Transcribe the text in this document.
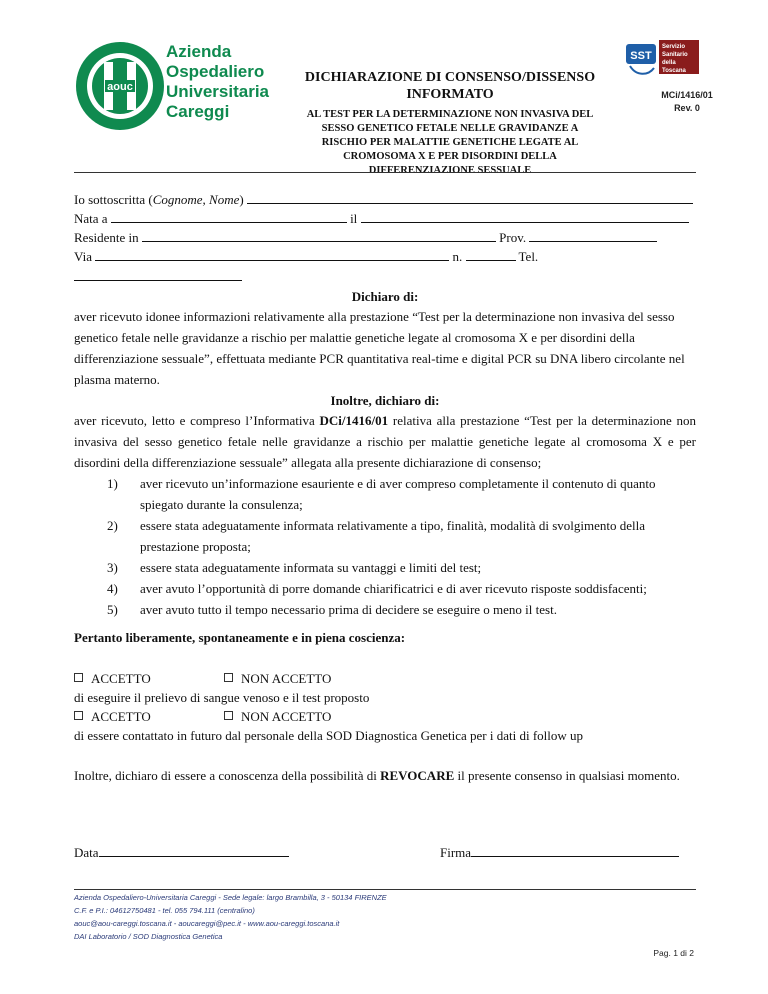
aouc
Azienda
Ospedaliero
Universitaria
Careggi
DICHIARAZIONE DI CONSENSO/DISSENSO
INFORMATO
AL TEST PER LA DETERMINAZIONE NON INVASIVA DEL
SESSO GENETICO FETALE NELLE GRAVIDANZE A
RISCHIO PER MALATTIE GENETICHE LEGATE AL
CROMOSOMA X E PER DISORDINI DELLA
DIFFERENZIAZIONE SESSUALE
SST
Servizio
Sanitario
della
Toscana
MCi/1416/01
Rev. 0
Io sottoscritta (Cognome, Nome)
Nata a	il
Residente in	Prov.
Via	n.	Tel.
Dichiaro di:
aver ricevuto idonee informazioni relativamente alla prestazione “Test per la determinazione non invasiva del sesso genetico fetale nelle gravidanze a rischio per malattie genetiche legate al cromosoma X e per disordini della differenziazione sessuale”, effettuata mediante PCR quantitativa real-time e digital PCR su DNA libero circolante nel plasma materno.
Inoltre, dichiaro di:
aver ricevuto, letto e compreso l’Informativa DCi/1416/01 relativa alla prestazione “Test per la determinazione non invasiva del sesso genetico fetale nelle gravidanze a rischio per malattie genetiche legate al cromosoma X e per disordini della differenziazione sessuale” allegata alla presente dichiarazione di consenso;
1) aver ricevuto un’informazione esauriente e di aver compreso completamente il contenuto di quanto spiegato durante la consulenza;
2) essere stata adeguatamente informata relativamente a tipo, finalità, modalità di svolgimento della prestazione proposta;
3) essere stata adeguatamente informata su vantaggi e limiti del test;
4) aver avuto l’opportunità di porre domande chiarificatrici e di aver ricevuto risposte soddisfacenti;
5) aver avuto tutto il tempo necessario prima di decidere se eseguire o meno il test.
Pertanto liberamente, spontaneamente e in piena coscienza:
ACCETTO	NON ACCETTO
di eseguire il prelievo di sangue venoso e il test proposto
ACCETTO	NON ACCETTO
di essere contattato in futuro dal personale della SOD Diagnostica Genetica per i dati di follow up
Inoltre, dichiaro di essere a conoscenza della possibilità di REVOCARE il presente consenso in qualsiasi momento.
Data	Firma
Azienda Ospedaliero-Universitaria Careggi - Sede legale: largo Brambilla, 3 - 50134 FIRENZE
C.F. e P.I.: 04612750481 - tel. 055 794.111 (centralino)
aouc@aou-careggi.toscana.it - aoucareggi@pec.it - www.aou-careggi.toscana.it
DAI Laboratorio / SOD Diagnostica Genetica
Pag. 1 di 2
